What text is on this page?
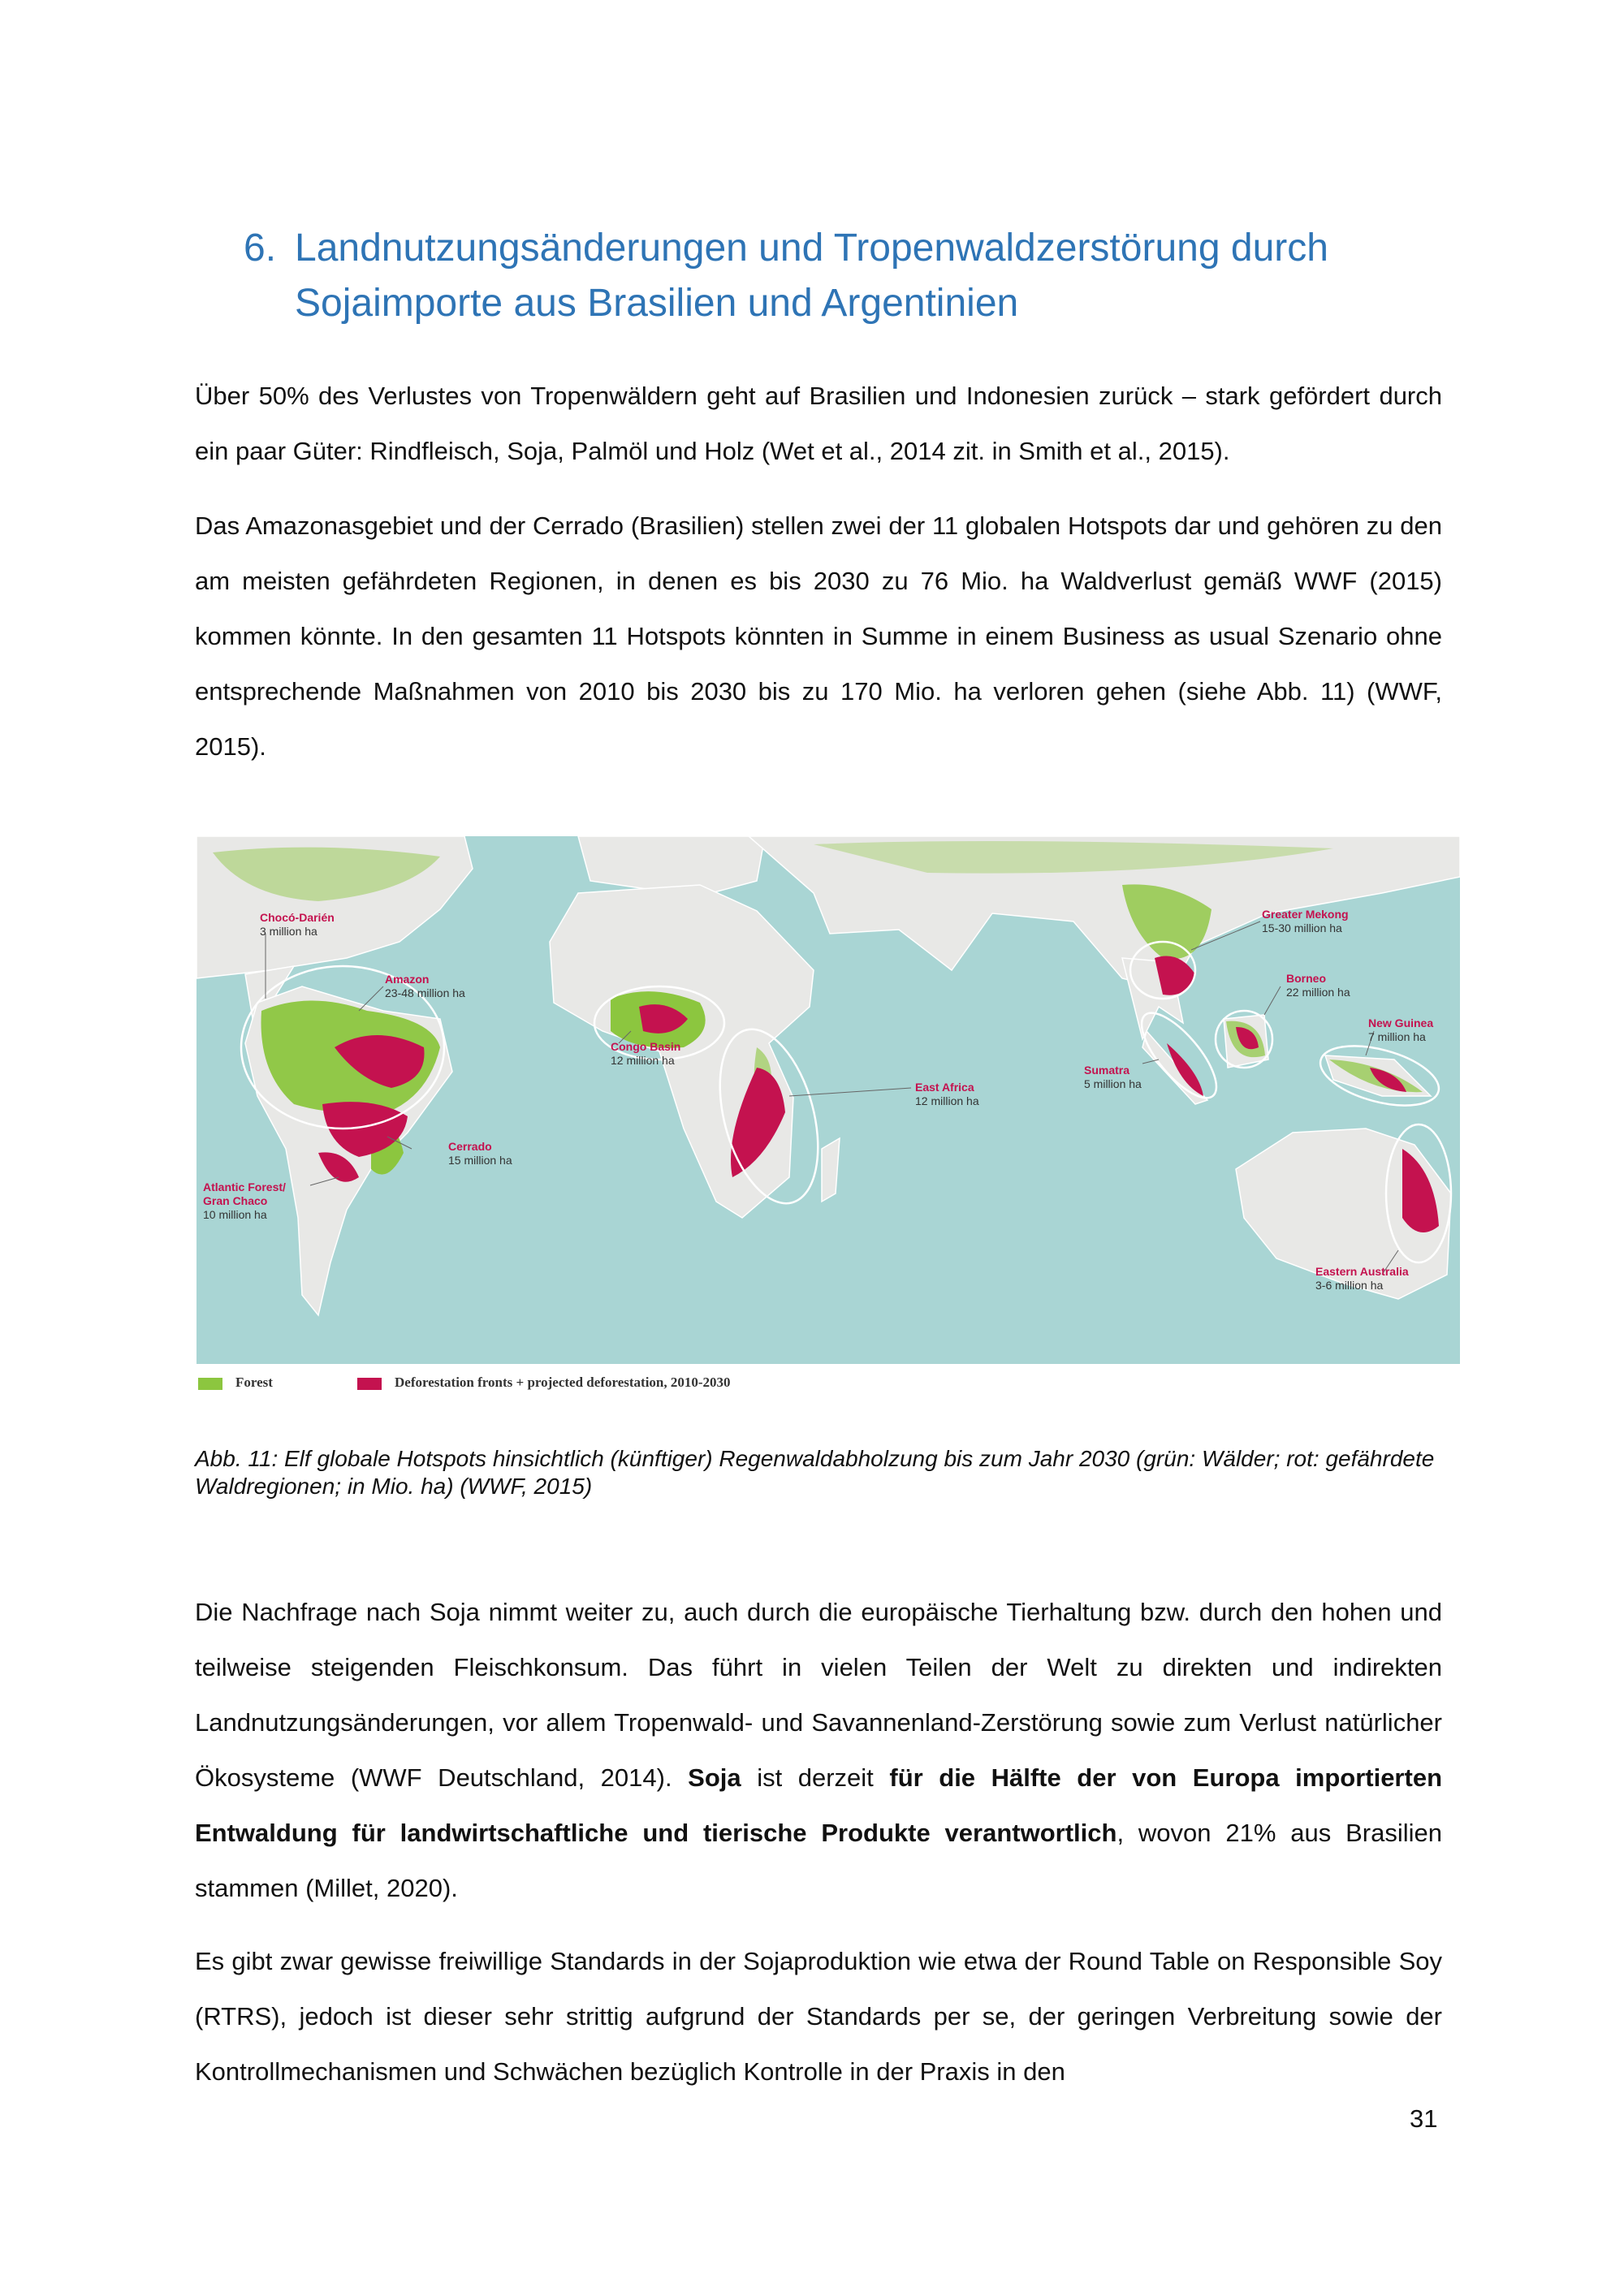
6. Landnutzungsänderungen und Tropenwaldzerstörung durch
Sojaimporte aus Brasilien und Argentinien

Über 50% des Verlustes von Tropenwäldern geht auf Brasilien und Indonesien zurück – stark gefördert durch ein paar Güter: Rindfleisch, Soja, Palmöl und Holz (Wet et al., 2014 zit. in Smith et al., 2015).

Das Amazonasgebiet und der Cerrado (Brasilien) stellen zwei der 11 globalen Hotspots dar und gehören zu den am meisten gefährdeten Regionen, in denen es bis 2030 zu 76 Mio. ha Waldverlust gemäß WWF (2015) kommen könnte. In den gesamten 11 Hotspots könnten in Summe in einem Business as usual Szenario ohne entsprechende Maßnahmen von 2010 bis 2030 bis zu 170 Mio. ha verloren gehen (siehe Abb. 11) (WWF, 2015).

Chocó-Darién
3 million ha
Amazon
23-48 million ha
Cerrado
15 million ha
Atlantic Forest/
Gran Chaco
10 million ha
Congo Basin
12 million ha
East Africa
12 million ha
Sumatra
5 million ha
Greater Mekong
15-30 million ha
Borneo
22 million ha
New Guinea
7 million ha
Eastern Australia
3-6 million ha
Forest	Deforestation fronts + projected deforestation, 2010-2030

Abb. 11: Elf globale Hotspots hinsichtlich (künftiger) Regenwaldabholzung bis zum Jahr 2030 (grün: Wälder; rot: gefährdete Waldregionen; in Mio. ha) (WWF, 2015)

Die Nachfrage nach Soja nimmt weiter zu, auch durch die europäische Tierhaltung bzw. durch den hohen und teilweise steigenden Fleischkonsum. Das führt in vielen Teilen der Welt zu direkten und indirekten Landnutzungsänderungen, vor allem Tropenwald- und Savannenland-Zerstörung sowie zum Verlust natürlicher Ökosysteme (WWF Deutschland, 2014). Soja ist derzeit für die Hälfte der von Europa importierten Entwaldung für landwirtschaftliche und tierische Produkte verantwortlich, wovon 21% aus Brasilien stammen (Millet, 2020).

Es gibt zwar gewisse freiwillige Standards in der Sojaproduktion wie etwa der Round Table on Responsible Soy (RTRS), jedoch ist dieser sehr strittig aufgrund der Standards per se, der geringen Verbreitung sowie der Kontrollmechanismen und Schwächen bezüglich Kontrolle in der Praxis in den

31
